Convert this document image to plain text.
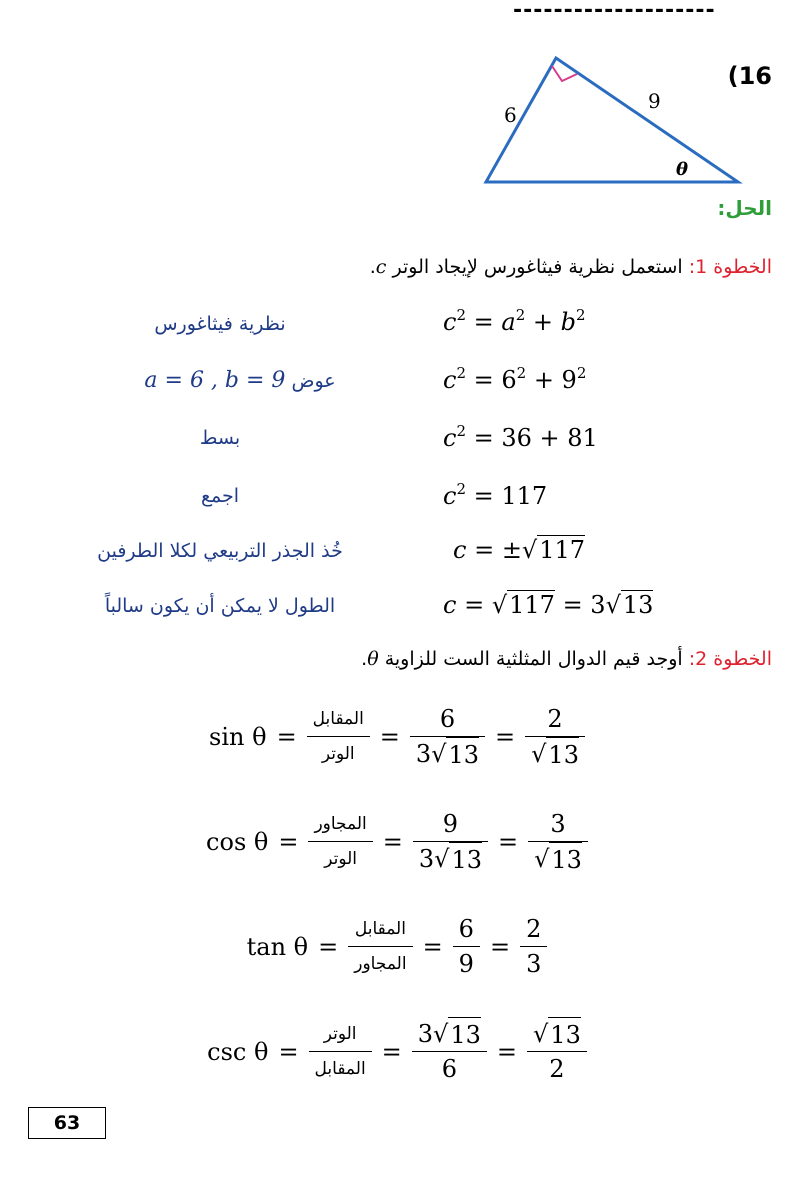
--------------------
6
9
θ
(16
الحل:
الخطوة 1: استعمل نظرية فيثاغورس لإيجاد الوتر c.
$c^2 = a^2 + b^2$
نظرية فيثاغورس
$c^2 = 6^2 + 9^2$
عوض a = 6 , b = 9
$c^2 = 36 + 81$
بسط
$c^2 = 117$
اجمع
c = ±√117
خُذ الجذر التربيعي لكلا الطرفين
c = √117 = 3√13
الطول لا يمكن أن يكون سالباً
الخطوة 2: أوجد قيم الدوال المثلثية الست للزاوية θ.
$\sin \theta = \frac{\text{المقابل}}{\text{الوتر}} = \frac{6}{3√ 13} = \frac{2}{√ 13}$
$\cos \theta = \frac{\text{المجاور}}{\text{الوتر}} = \frac{9}{3√ 13} = \frac{3}{√ 13}$
$\tan \theta = \frac{\text{المقابل}}{\text{المجاور}} = \frac{6}{9} = \frac{2}{3}$
$\csc \theta = \frac{\text{الوتر}}{\text{المقابل}} = \frac{3√ 13}{6} = \frac{√ 13}{2}$
63
